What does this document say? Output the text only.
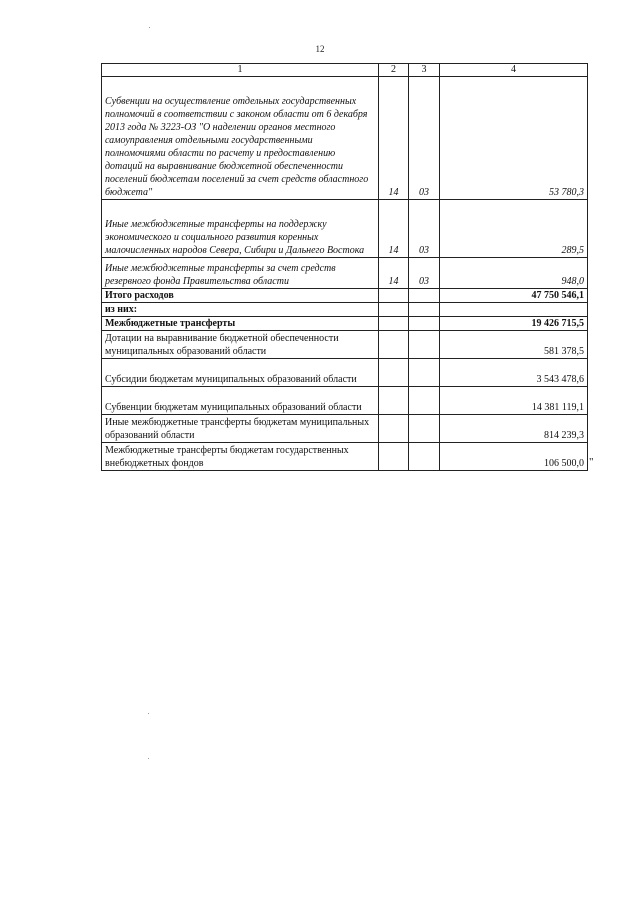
12
1	2	3	4
Субвенции на осуществление отдельных государственных полномочий в соответствии с законом области от 6 декабря 2013 года № 3223-ОЗ "О наделении органов местного самоуправления отдельными государственными полномочиями области по расчету и предоставлению дотаций на выравнивание бюджетной обеспеченности поселений бюджетам поселений за счет средств областного бюджета"	14	03	53 780,3
Иные межбюджетные трансферты на поддержку экономического и социального развития коренных малочисленных народов Севера, Сибири и Дальнего Востока	14	03	289,5
Иные межбюджетные трансферты за счет средств резервного фонда Правительства области	14	03	948,0
Итого расходов			47 750 546,1
из них:			
Межбюджетные трансферты			19 426 715,5
Дотации на выравнивание бюджетной обеспеченности муниципальных образований области			581 378,5
Субсидии бюджетам муниципальных образований области			3 543 478,6
Субвенции бюджетам муниципальных образований области			14 381 119,1
Иные межбюджетные трансферты бюджетам муниципальных образований области			814 239,3
Межбюджетные трансферты бюджетам государственных внебюджетных фондов			106 500,0 "
